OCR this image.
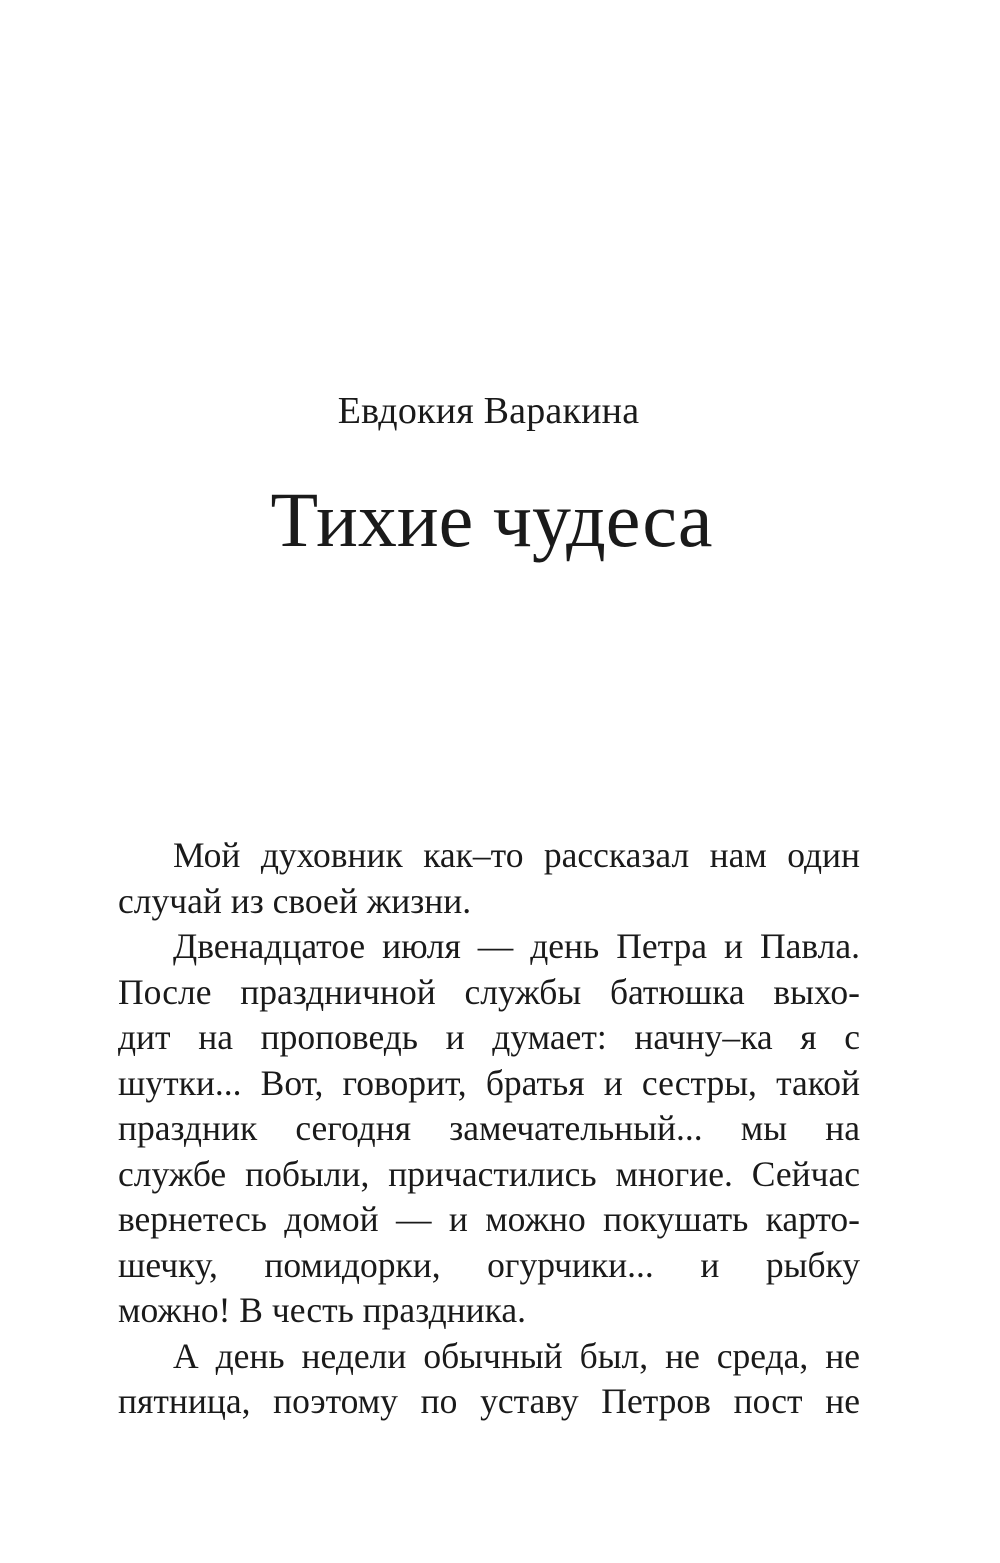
Евдокия Варакина
Тихие чудеса
Мой духовник как–то рассказал нам один
случай из своей жизни.
Двенадцатое июля — день Петра и Павла.
После праздничной службы батюшка выхо-
дит на проповедь и думает: начну–ка я с
шутки... Вот, говорит, братья и сестры, такой
праздник сегодня замечательный... мы на
службе побыли, причастились многие. Сейчас
вернетесь домой — и можно покушать карто-
шечку, помидорки, огурчики... и рыбку
можно! В честь праздника.
А день недели обычный был, не среда, не
пятница, поэтому по уставу Петров пост не
